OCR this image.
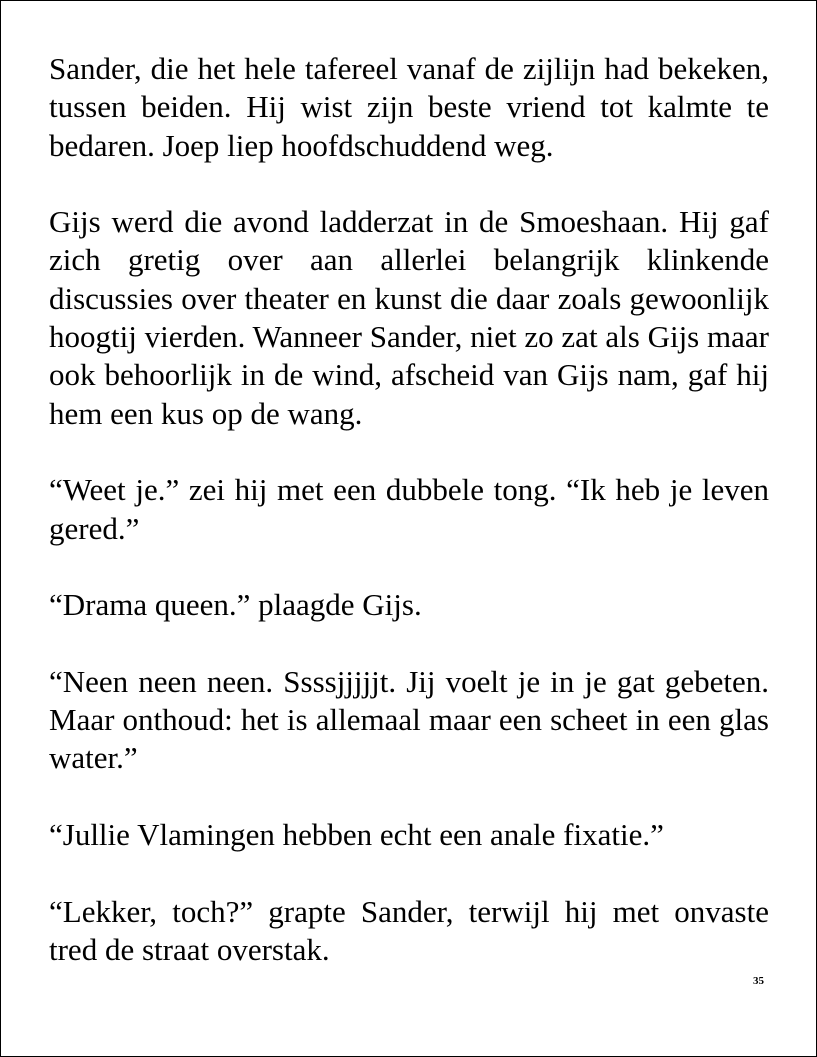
Sander, die het hele tafereel vanaf de zijlijn had bekeken, tussen beiden. Hij wist zijn beste vriend tot kalmte te bedaren. Joep liep hoofdschuddend weg.

Gijs werd die avond ladderzat in de Smoeshaan. Hij gaf zich gretig over aan allerlei belangrijk klinkende discussies over theater en kunst die daar zoals gewoonlijk hoogtij vierden. Wanneer Sander, niet zo zat als Gijs maar ook behoorlijk in de wind, afscheid van Gijs nam, gaf hij hem een kus op de wang.

“Weet je.” zei hij met een dubbele tong. “Ik heb je leven gered.”

“Drama queen.” plaagde Gijs.

“Neen neen neen. Ssssjjjjjt. Jij voelt je in je gat gebeten. Maar onthoud: het is allemaal maar een scheet in een glas water.”

“Jullie Vlamingen hebben echt een anale fixatie.”

“Lekker, toch?” grapte Sander, terwijl hij met onvaste tred de straat overstak.

35
